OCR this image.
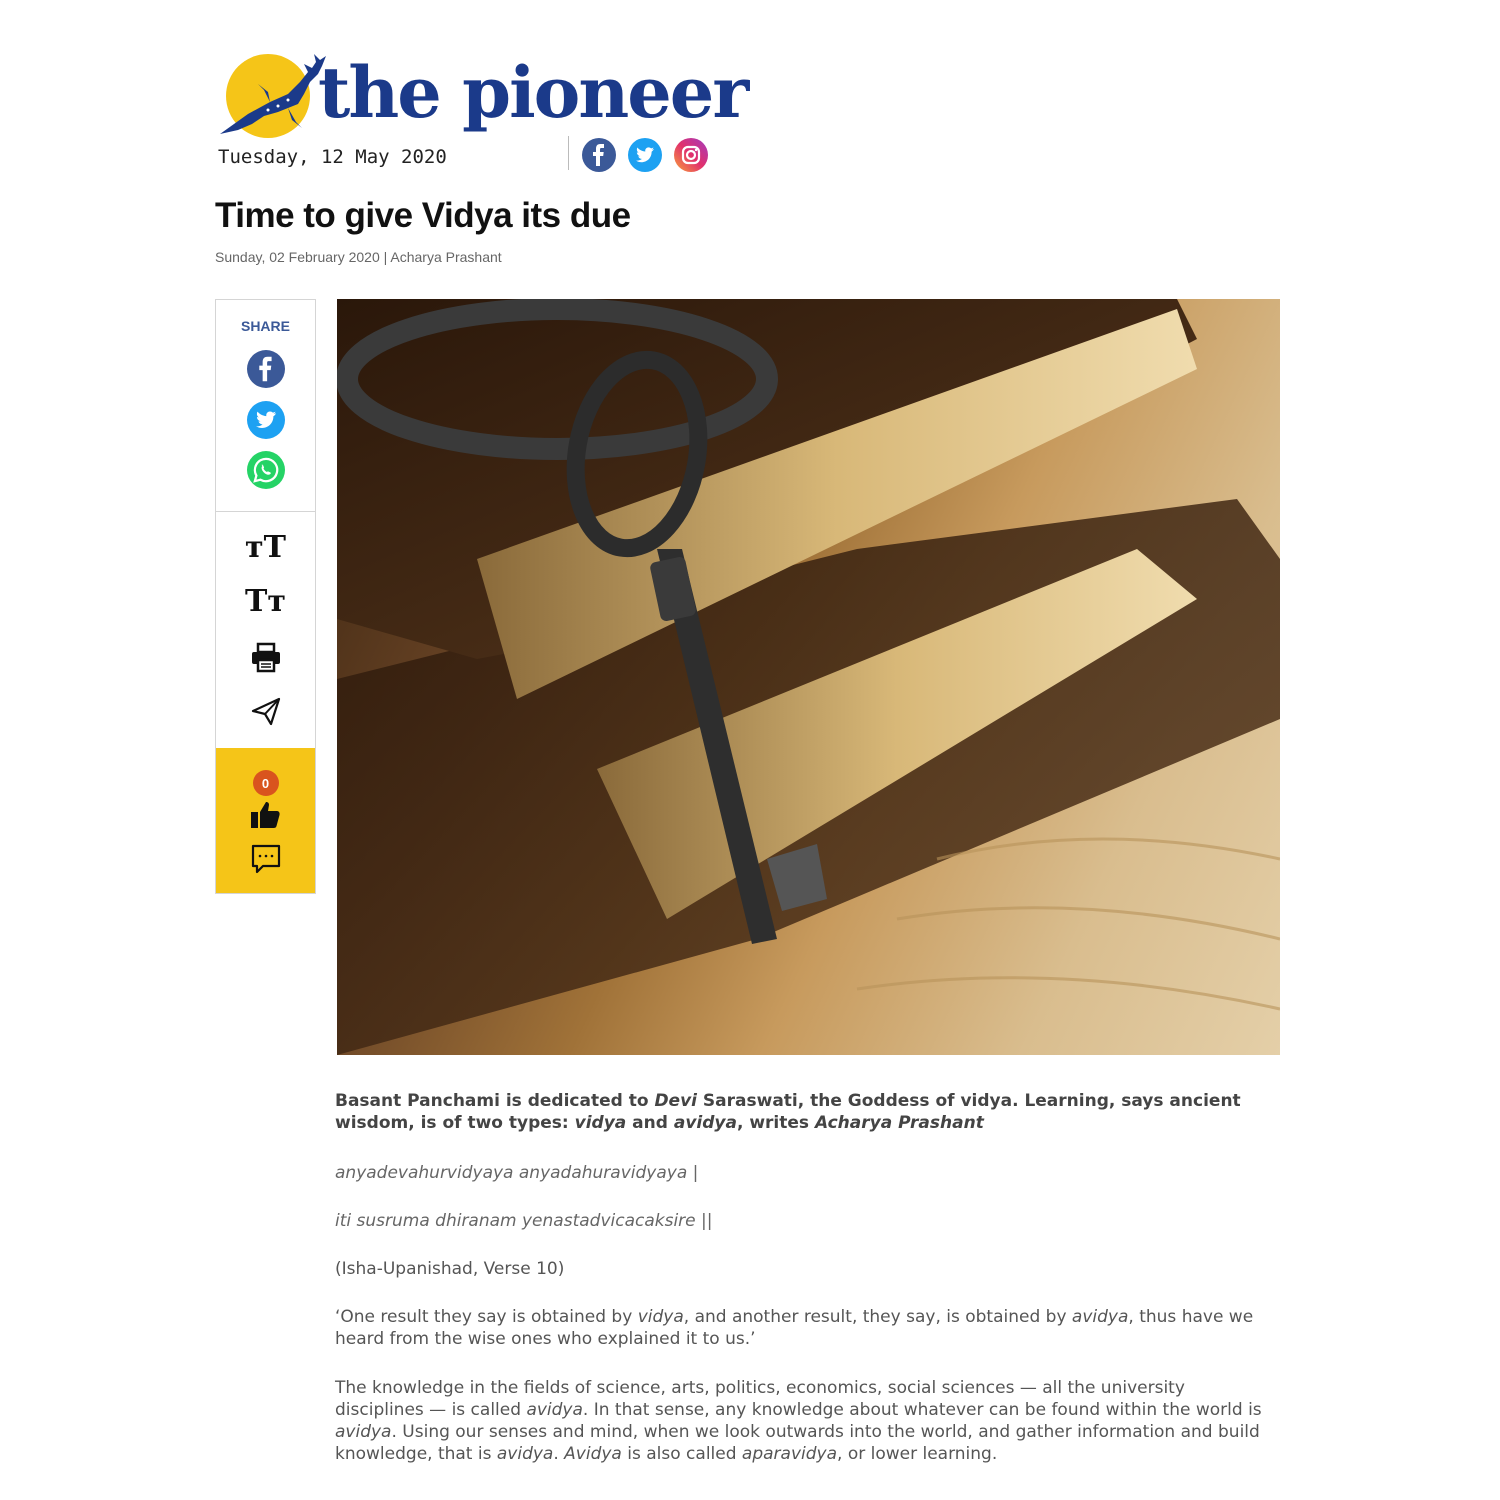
the pioneer
Tuesday, 12 May 2020
Time to give Vidya its due
Sunday, 02 February 2020 | Acharya Prashant
SHARE
тT
Tт
0

Basant Panchami is dedicated to Devi Saraswati, the Goddess of vidya. Learning, says ancient wisdom, is of two types: vidya and avidya, writes Acharya Prashant

anyadevahurvidyaya anyadahuravidyaya |

iti susruma dhiranam yenastadvicacaksire ||

(Isha-Upanishad, Verse 10)

‘One result they say is obtained by vidya, and another result, they say, is obtained by avidya, thus have we heard from the wise ones who explained it to us.’

The knowledge in the fields of science, arts, politics, economics, social sciences — all the university disciplines — is called avidya. In that sense, any knowledge about whatever can be found within the world is avidya. Using our senses and mind, when we look outwards into the world, and gather information and build knowledge, that is avidya. Avidya is also called aparavidya, or lower learning.
